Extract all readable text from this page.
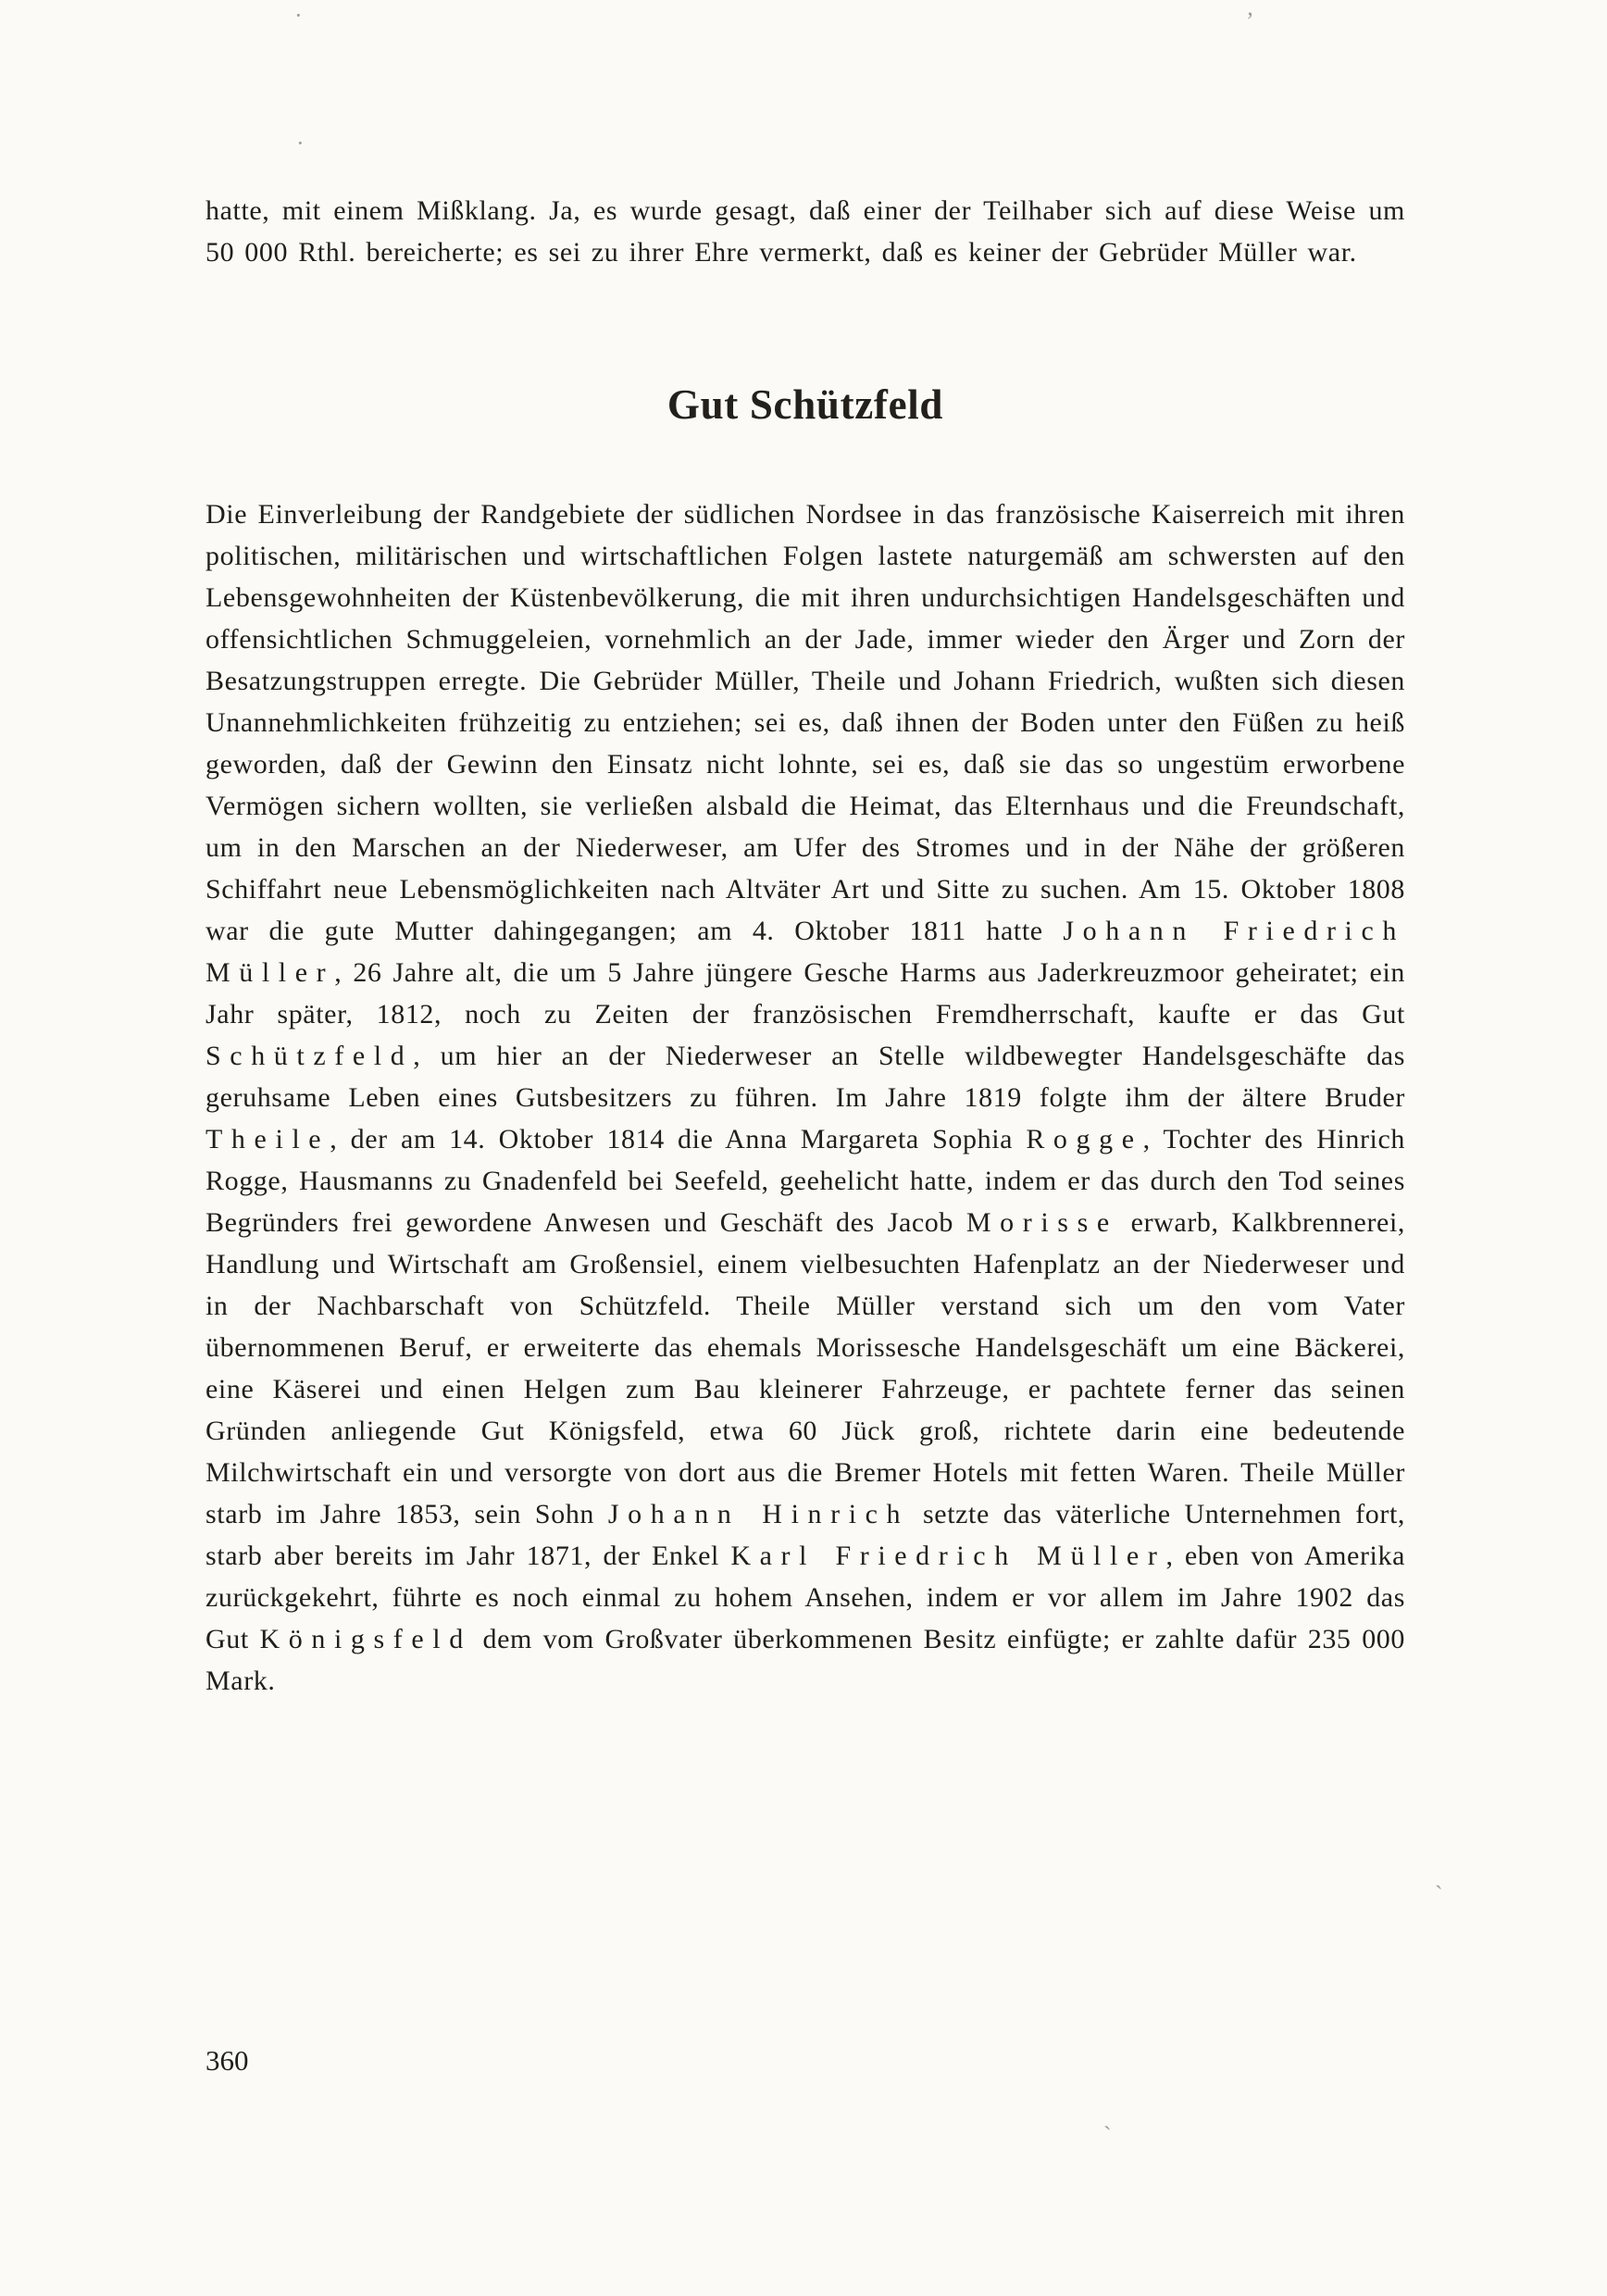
·
·
’
`
`

hatte, mit einem Mißklang. Ja, es wurde gesagt, daß einer der Teilhaber sich auf diese Weise um 50 000 Rthl. bereicherte; es sei zu ihrer Ehre vermerkt, daß es keiner der Gebrüder Müller war.

Gut Schützfeld

Die Einverleibung der Randgebiete der südlichen Nordsee in das französische Kaiserreich mit ihren politischen, militärischen und wirtschaftlichen Folgen lastete naturgemäß am schwersten auf den Lebensgewohnheiten der Küstenbevölkerung, die mit ihren undurchsichtigen Handelsgeschäften und offensichtlichen Schmuggeleien, vornehmlich an der Jade, immer wieder den Ärger und Zorn der Besatzungstruppen erregte. Die Gebrüder Müller, Theile und Johann Friedrich, wußten sich diesen Unannehmlichkeiten frühzeitig zu entziehen; sei es, daß ihnen der Boden unter den Füßen zu heiß geworden, daß der Gewinn den Einsatz nicht lohnte, sei es, daß sie das so ungestüm erworbene Vermögen sichern wollten, sie verließen alsbald die Heimat, das Elternhaus und die Freundschaft, um in den Marschen an der Niederweser, am Ufer des Stromes und in der Nähe der größeren Schiffahrt neue Lebensmöglichkeiten nach Altväter Art und Sitte zu suchen. Am 15. Oktober 1808 war die gute Mutter dahingegangen; am 4. Oktober 1811 hatte Johann Friedrich Müller, 26 Jahre alt, die um 5 Jahre jüngere Gesche Harms aus Jaderkreuzmoor geheiratet; ein Jahr später, 1812, noch zu Zeiten der französischen Fremdherrschaft, kaufte er das Gut Schützfeld, um hier an der Niederweser an Stelle wildbewegter Handelsgeschäfte das geruhsame Leben eines Gutsbesitzers zu führen. Im Jahre 1819 folgte ihm der ältere Bruder Theile, der am 14. Oktober 1814 die Anna Margareta Sophia Rogge, Tochter des Hinrich Rogge, Hausmanns zu Gnadenfeld bei Seefeld, geehelicht hatte, indem er das durch den Tod seines Begründers frei gewordene Anwesen und Geschäft des Jacob Morisse erwarb, Kalkbrennerei, Handlung und Wirtschaft am Großensiel, einem vielbesuchten Hafenplatz an der Niederweser und in der Nachbarschaft von Schützfeld. Theile Müller verstand sich um den vom Vater übernommenen Beruf, er erweiterte das ehemals Morissesche Handelsgeschäft um eine Bäckerei, eine Käserei und einen Helgen zum Bau kleinerer Fahrzeuge, er pachtete ferner das seinen Gründen anliegende Gut Königsfeld, etwa 60 Jück groß, richtete darin eine bedeutende Milchwirtschaft ein und versorgte von dort aus die Bremer Hotels mit fetten Waren. Theile Müller starb im Jahre 1853, sein Sohn Johann Hinrich setzte das väterliche Unternehmen fort, starb aber bereits im Jahr 1871, der Enkel Karl Friedrich Müller, eben von Amerika zurückgekehrt, führte es noch einmal zu hohem Ansehen, indem er vor allem im Jahre 1902 das Gut Königsfeld dem vom Großvater überkommenen Besitz einfügte; er zahlte dafür 235 000 Mark.

360
